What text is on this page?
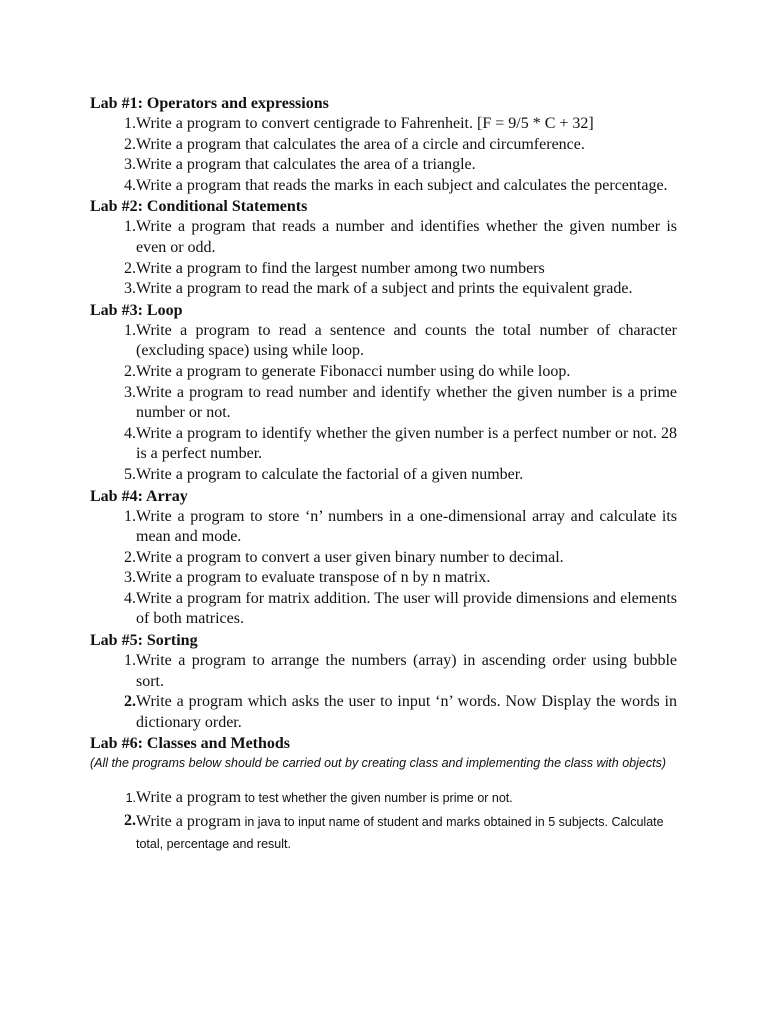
Lab #1: Operators and expressions
1. Write a program to convert centigrade to Fahrenheit. [F = 9/5 * C + 32]
2. Write a program that calculates the area of a circle and circumference.
3. Write a program that calculates the area of a triangle.
4. Write a program that reads the marks in each subject and calculates the percentage.
Lab #2: Conditional Statements
1. Write a program that reads a number and identifies whether the given number is even or odd.
2. Write a program to find the largest number among two numbers
3. Write a program to read the mark of a subject and prints the equivalent grade.
Lab #3: Loop
1. Write a program to read a sentence and counts the total number of character (excluding space) using while loop.
2. Write a program to generate Fibonacci number using do while loop.
3. Write a program to read number and identify whether the given number is a prime number or not.
4. Write a program to identify whether the given number is a perfect number or not. 28 is a perfect number.
5. Write a program to calculate the factorial of a given number.
Lab #4: Array
1. Write a program to store ‘n’ numbers in a one-dimensional array and calculate its mean and mode.
2. Write a program to convert a user given binary number to decimal.
3. Write a program to evaluate transpose of n by n matrix.
4. Write a program for matrix addition. The user will provide dimensions and elements of both matrices.
Lab #5: Sorting
1. Write a program to arrange the numbers (array) in ascending order using bubble sort.
2. Write a program which asks the user to input ‘n’ words. Now Display the words in dictionary order.
Lab #6: Classes and Methods

(All the programs below should be carried out by creating class and implementing the class with objects)

1. Write a program to test whether the given number is prime or not.
2. Write a program in java to input name of student and marks obtained in 5 subjects. Calculate total, percentage and result.
